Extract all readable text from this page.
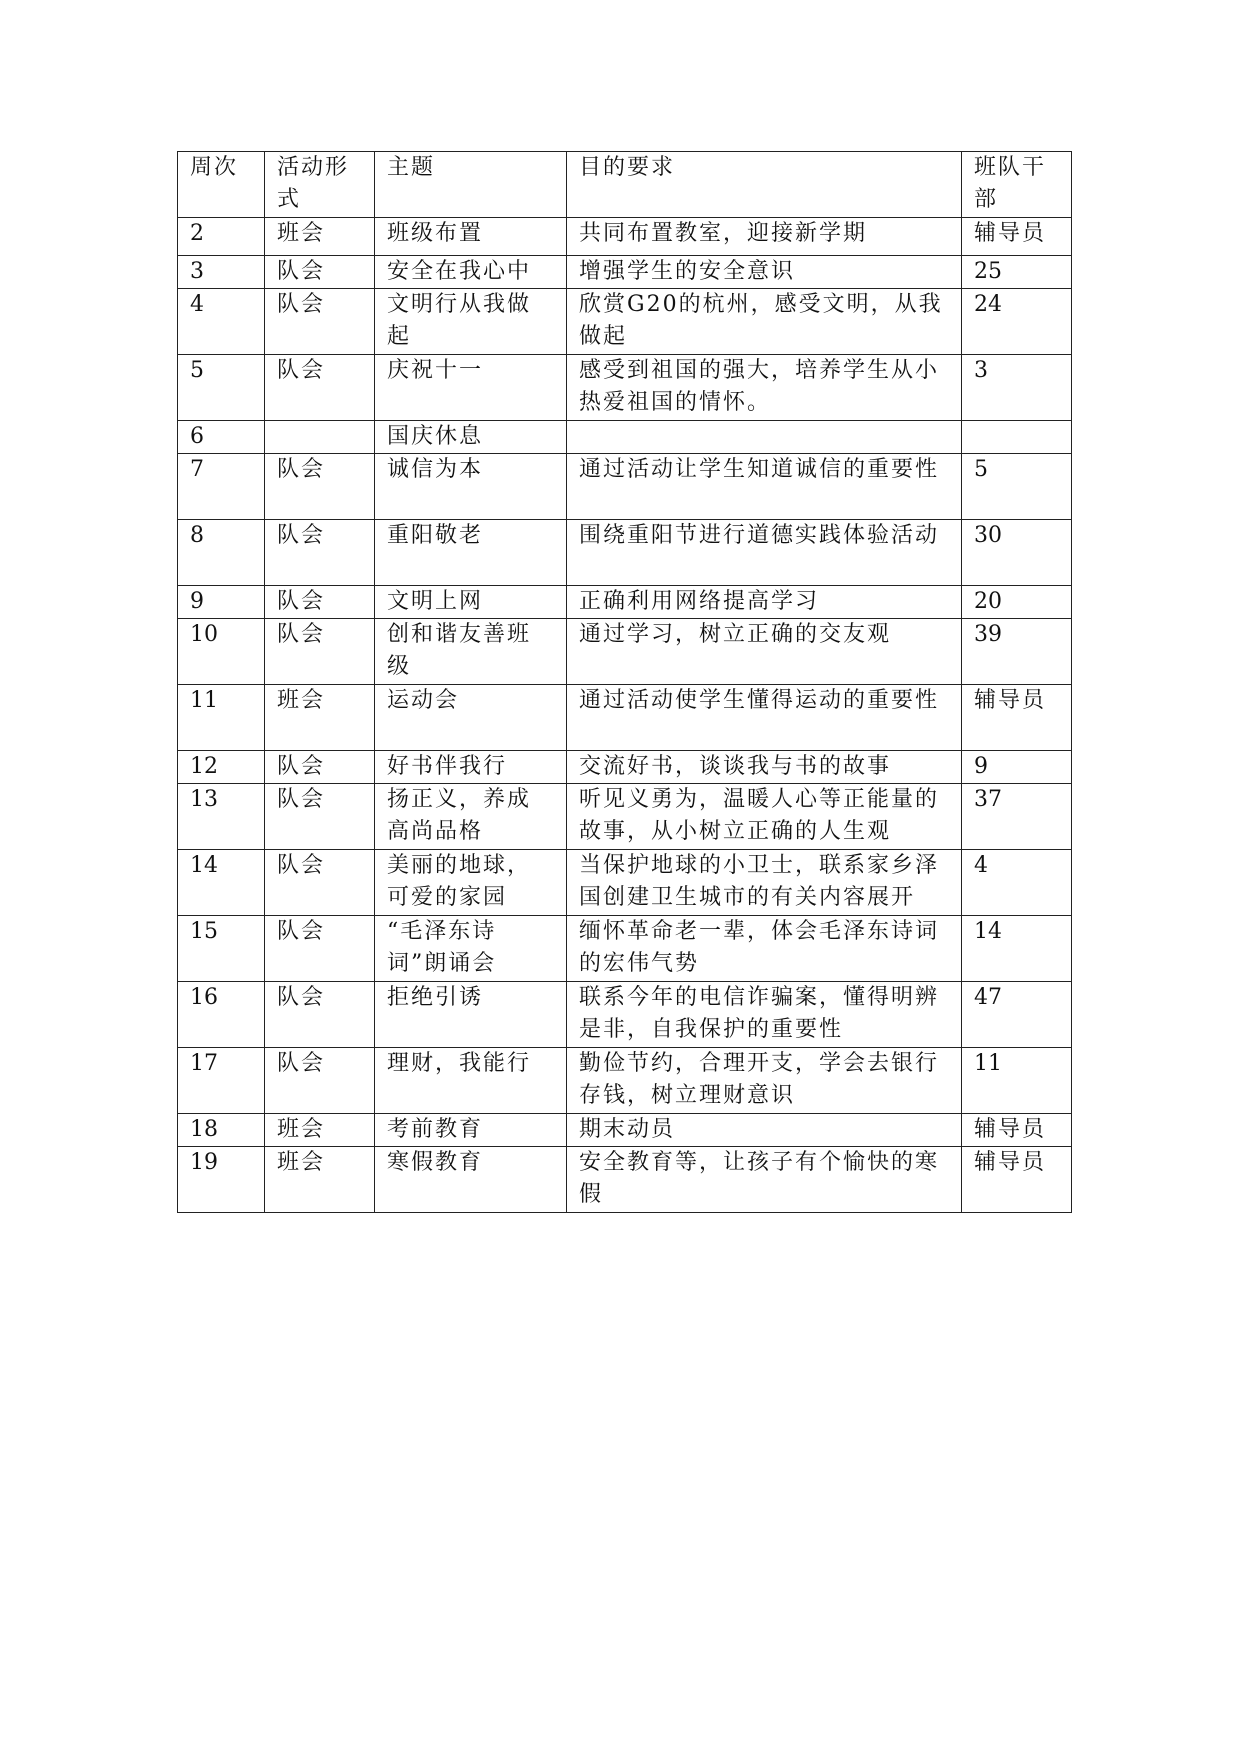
周次	活动形式	主题	目的要求	班队干部
2	班会	班级布置	共同布置教室，迎接新学期	辅导员
3	队会	安全在我心中	增强学生的安全意识	25
4	队会	文明行从我做起	欣赏G20的杭州，感受文明，从我做起	24
5	队会	庆祝十一	感受到祖国的强大，培养学生从小热爱祖国的情怀。	3
6		国庆休息		
7	队会	诚信为本	通过活动让学生知道诚信的重要性	5
8	队会	重阳敬老	围绕重阳节进行道德实践体验活动	30
9	队会	文明上网	正确利用网络提高学习	20
10	队会	创和谐友善班级	通过学习，树立正确的交友观	39
11	班会	运动会	通过活动使学生懂得运动的重要性	辅导员
12	队会	好书伴我行	交流好书，谈谈我与书的故事	9
13	队会	扬正义，养成高尚品格	听见义勇为，温暖人心等正能量的故事，从小树立正确的人生观	37
14	队会	美丽的地球，可爱的家园	当保护地球的小卫士，联系家乡泽国创建卫生城市的有关内容展开	4
15	队会	“毛泽东诗词”朗诵会	缅怀革命老一辈，体会毛泽东诗词的宏伟气势	14
16	队会	拒绝引诱	联系今年的电信诈骗案，懂得明辨是非，自我保护的重要性	47
17	队会	理财，我能行	勤俭节约，合理开支，学会去银行存钱，树立理财意识	11
18	班会	考前教育	期末动员	辅导员
19	班会	寒假教育	安全教育等，让孩子有个愉快的寒假	辅导员
